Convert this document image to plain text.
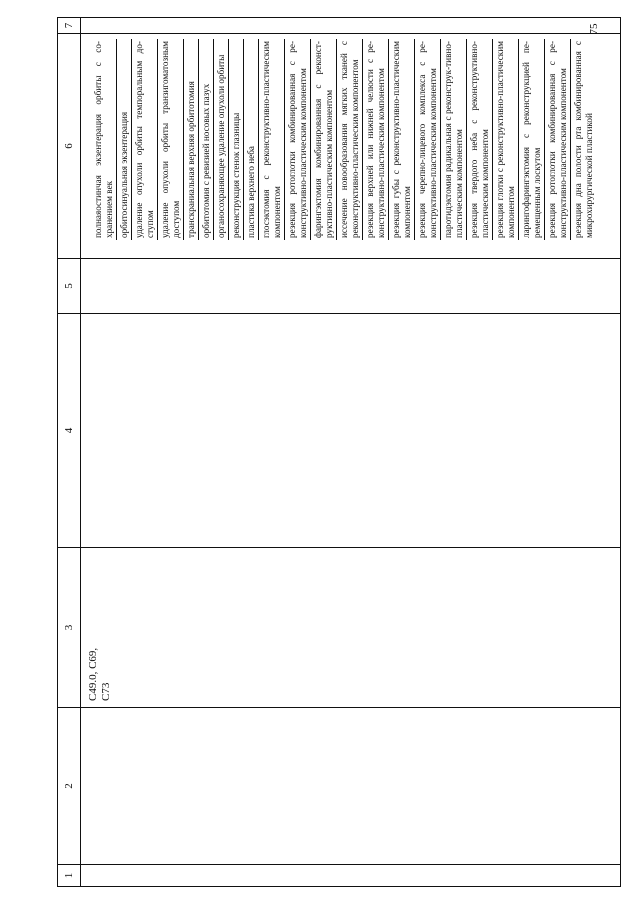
75
1
2
3
4
5
6
7
C49.0, C69,
C73
полнаяостинчая экзентерация орбиты с со-хранением век орбитосинуальная экзентерация удаление опухоли орбиты темпоральным до-ступом удаление опухоли орбиты транзигоматозным доступом транскраниальная верхняя орбитотомия орбитотомия с ревизией носовых пазух органосохраняющее удаление опухоли орбиты реконструкция стенок глазницы пластика верхнего неба глосэктомия с реконструктивно-пластическим компонентом резекция ротоглотки комбинированная с ре-конструктивно-пластическим компонентом фарингэктомия комбинированная с реконст-руктивно-пластическим компонентом иссечение новообразования мягких тканей с реконструктивно-пластическим компонентом резекция верхней или нижней челюсти с ре-конструктивно-пластическим компонентом резекция губы с реконструктивно-пластическим компонентом резекция черепно-лицевого комплекса с ре-конструктивно-пластическим компонентом паротидэктомия радикальная с реконструк-тивно-пластическим компонентом резекция твердого неба с реконструктивно-пластическим компонентом резекция глотки с реконструктивно-пластическим компонентом ларингофарингэктомия с реконструкцией пе-ремещенным лоскутом резекция ротоглотки комбинированная с ре-конструктивно-пластическим компонентом резекция дна полости рта комбинированная с микрохирургической пластикой
